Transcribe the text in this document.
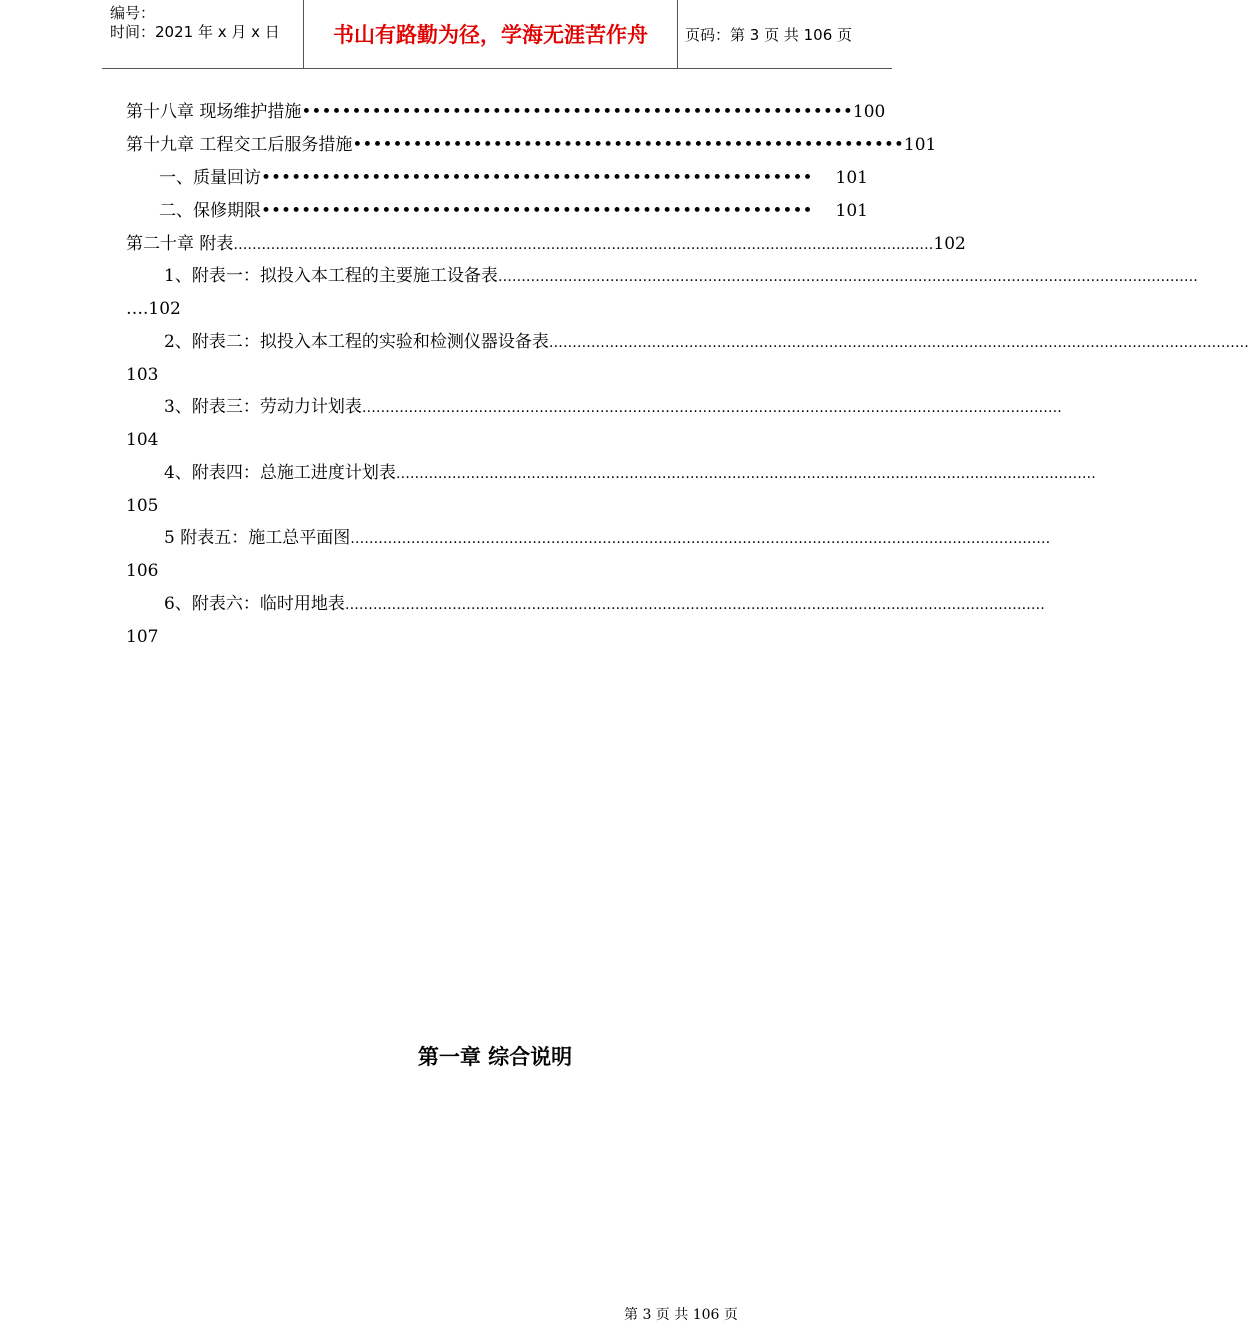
编号：
时间：2021 年 x 月 x 日	书山有路勤为径，学海无涯苦作舟	页码：第 3 页 共 106 页
第十八章 现场维护措施 ••••••••••••••••••••••••••••••••••••••••••••••••••••••• 100
第十九章 工程交工后服务措施 ••••••••••••••••••••••••••••••••••••••••••••••••••••••• 101
一、质量回访 •••••••••••••••••••••••••••••••••••••••••••••••••••••••	101
二、保修期限 •••••••••••••••••••••••••••••••••••••••••••••••••••••••	101
第二十章 附表 …………………………………………………………………………………………………………………………………… 102
1、附表一：拟投入本工程的主要施工设备表 ……………………………………………………………………………………………………………………………………
….102
2、附表二：拟投入本工程的实验和检测仪器设备表 ……………………………………………………………………………………………………………………………………
103
3、附表三：劳动力计划表 ……………………………………………………………………………………………………………………………………
104
4、附表四：总施工进度计划表 ……………………………………………………………………………………………………………………………………
105
5 附表五：施工总平面图 ……………………………………………………………………………………………………………………………………
106
6、附表六：临时用地表 ……………………………………………………………………………………………………………………………………
107
第一章 综合说明
第 3 页 共 106 页
